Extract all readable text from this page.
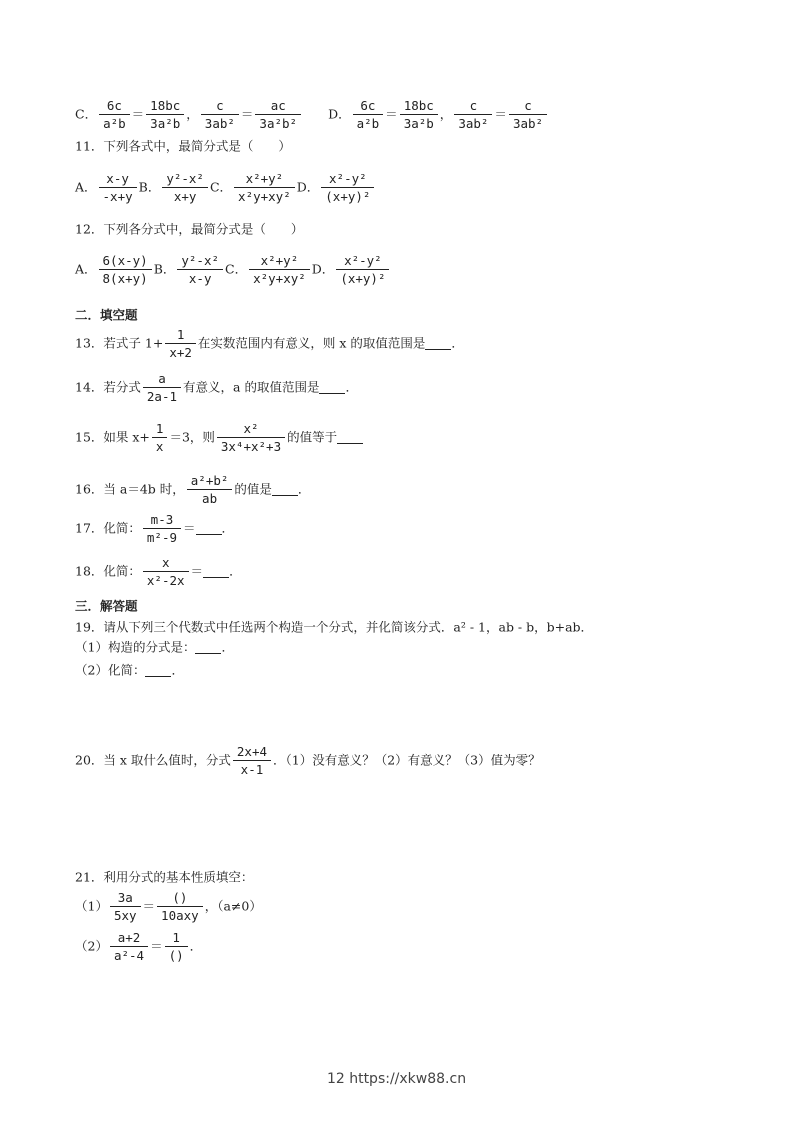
C． $\frac{6c}{\text{a²b}} = \frac{18bc}{\text{3a²b}}$ ， $\frac{c}{\text{3ab²}} = \frac{ac}{\text{3a²b²}}$ 　　D． $\frac{6c}{\text{a²b}} = \frac{18bc}{\text{3a²b}}$ ， $\frac{c}{\text{3ab²}} = \frac{c}{\text{3ab²}}$
11．下列各式中，最简分式是（　　）
A． $\frac{x-y}{-x+y}$ B． $\frac{\text{y²-x²}}{x+y}$ C． $\frac{\text{x²+y²}}{\text{x²y+xy²}}$ D． $\frac{\text{x²-y²}}{\text{(x+y)²}}$
12．下列各分式中，最简分式是（　　）
A． $\frac{6(x-y)}{8(x+y)}$ B． $\frac{\text{y²-x²}}{x-y}$ C． $\frac{\text{x²+y²}}{\text{x²y+xy²}}$ D． $\frac{\text{x²-y²}}{\text{(x+y)²}}$
二．填空题
13．若式子 $1+ \frac{1}{x+2}$ 在实数范围内有意义，则 x 的取值范围是 ．
14．若分式 $\frac{a}{2a-1}$ 有意义，a 的取值范围是 ．
15．如果 $x+ \frac{1}{x} =3$，则 $\frac{\text{x²}}{\text{3x⁴+x²+3}}$ 的值等于
16．当 a＝4b 时， $\frac{\text{a²+b²}}{ab}$ 的值是 ．
17．化简： $\frac{m-3}{\text{m²-9}}$ ＝ ．
18．化简： $\frac{x}{\text{x²-2x}}$ ＝ ．
三．解答题
19．请从下列三个代数式中任选两个构造一个分式，并化简该分式．a² - 1，ab - b，b+ab．
（1）构造的分式是： ．
（2）化简： ．
20．当 x 取什么值时，分式 $\frac{2x+4}{x-1}$ ．（1）没有意义？（2）有意义？（3）值为零？
21．利用分式的基本性质填空：
$(1) \frac{3a}{5xy} = \frac{()}{\text{10axy}}$ ，（a≠0）
$(2) \frac{a+2}{\text{a²-4}} = \frac{1}{()}$ ．
12 https://xkw88.cn
